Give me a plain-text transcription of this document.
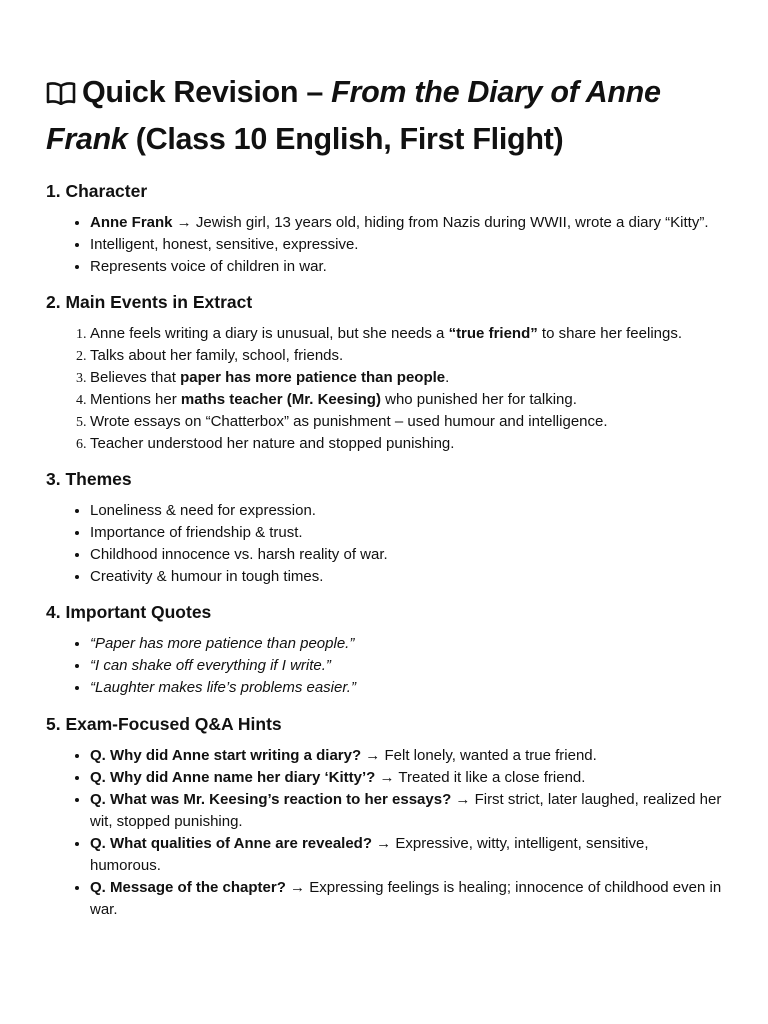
Quick Revision – From the Diary of Anne Frank (Class 10 English, First Flight)
1. Character
• Anne Frank → Jewish girl, 13 years old, hiding from Nazis during WWII, wrote a diary “Kitty”.
• Intelligent, honest, sensitive, expressive.
• Represents voice of children in war.
2. Main Events in Extract
1. Anne feels writing a diary is unusual, but she needs a “true friend” to share her feelings.
2. Talks about her family, school, friends.
3. Believes that paper has more patience than people.
4. Mentions her maths teacher (Mr. Keesing) who punished her for talking.
5. Wrote essays on “Chatterbox” as punishment – used humour and intelligence.
6. Teacher understood her nature and stopped punishing.
3. Themes
• Loneliness & need for expression.
• Importance of friendship & trust.
• Childhood innocence vs. harsh reality of war.
• Creativity & humour in tough times.
4. Important Quotes
• “Paper has more patience than people.”
• “I can shake off everything if I write.”
• “Laughter makes life’s problems easier.”
5. Exam-Focused Q&A Hints
• Q. Why did Anne start writing a diary? → Felt lonely, wanted a true friend.
• Q. Why did Anne name her diary ‘Kitty’? → Treated it like a close friend.
• Q. What was Mr. Keesing’s reaction to her essays? → First strict, later laughed, realized her wit, stopped punishing.
• Q. What qualities of Anne are revealed? → Expressive, witty, intelligent, sensitive, humorous.
• Q. Message of the chapter? → Expressing feelings is healing; innocence of childhood even in war.
